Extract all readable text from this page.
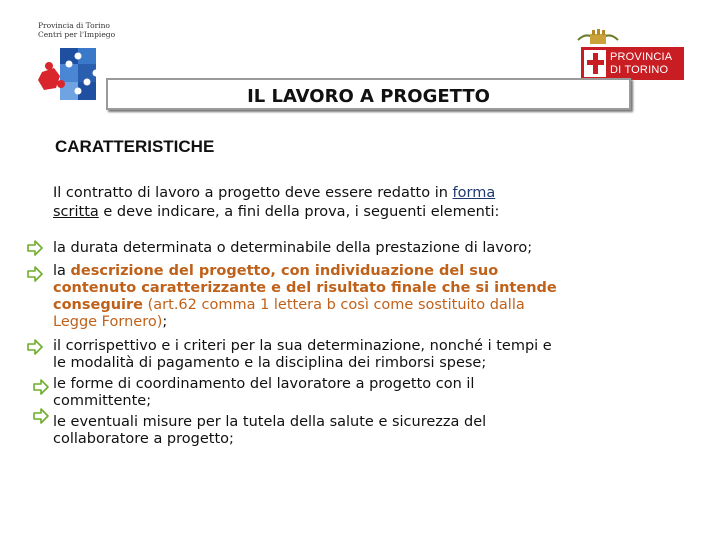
Provincia di Torino
Centri per l'Impiego
PROVINCIA
DI TORINO
IL LAVORO A PROGETTO
CARATTERISTICHE
Il contratto di lavoro a progetto deve essere redatto in forma
scritta e deve indicare, a fini della prova, i seguenti elementi:
la durata determinata o determinabile della prestazione di lavoro;
la descrizione del progetto, con individuazione del suo
contenuto caratterizzante e del risultato finale che si intende
conseguire (art.62 comma 1 lettera b così come sostituito dalla
Legge Fornero);
il corrispettivo e i criteri per la sua determinazione, nonché i tempi e
le modalità di pagamento e la disciplina dei rimborsi spese;
le forme di coordinamento del lavoratore a progetto con il
committente;
le eventuali misure per la tutela della salute e sicurezza del
collaboratore a progetto;
